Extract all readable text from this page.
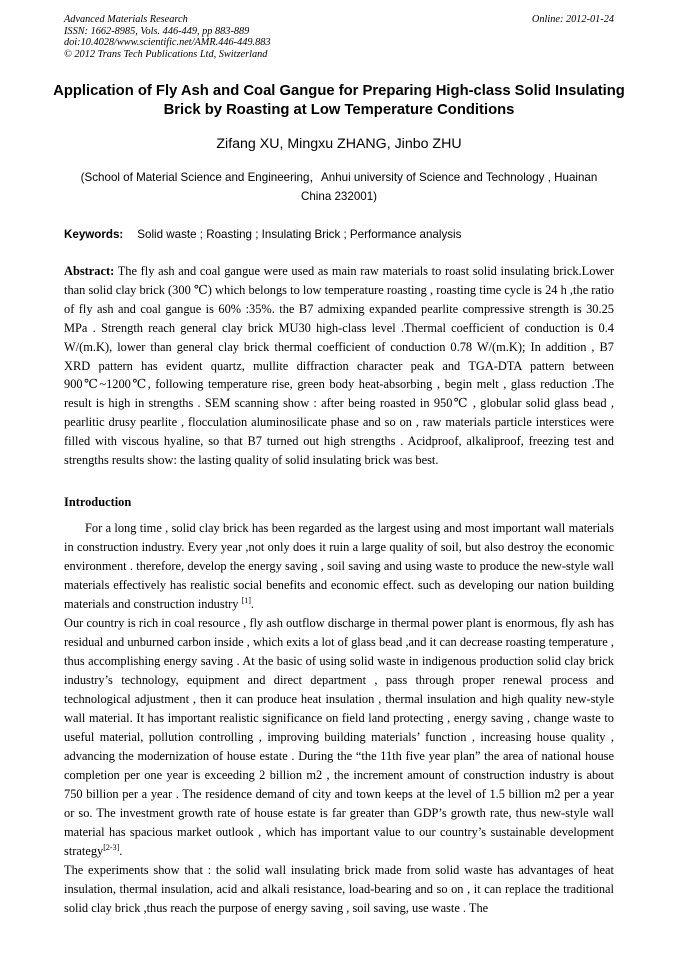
Advanced Materials Research
ISSN: 1662-8985, Vols. 446-449, pp 883-889
doi:10.4028/www.scientific.net/AMR.446-449.883
© 2012 Trans Tech Publications Ltd, Switzerland
Online: 2012-01-24
Application of Fly Ash and Coal Gangue for Preparing High-class Solid Insulating Brick by Roasting at Low Temperature Conditions
Zifang XU, Mingxu ZHANG, Jinbo ZHU
(School of Material Science and Engineering，Anhui university of Science and Technology , Huainan China 232001)
Keywords: Solid waste ; Roasting ; Insulating Brick ; Performance analysis

Abstract: The fly ash and coal gangue were used as main raw materials to roast solid insulating brick.Lower than solid clay brick (300 ℃) which belongs to low temperature roasting , roasting time cycle is 24 h ,the ratio of fly ash and coal gangue is 60% :35%. the B7 admixing expanded pearlite compressive strength is 30.25 MPa . Strength reach general clay brick MU30 high-class level .Thermal coefficient of conduction is 0.4 W/(m.K), lower than general clay brick thermal coefficient of conduction 0.78 W/(m.K); In addition , B7 XRD pattern has evident quartz, mullite diffraction character peak and TGA-DTA pattern between 900℃~1200℃, following temperature rise, green body heat-absorbing , begin melt , glass reduction .The result is high in strengths . SEM scanning show : after being roasted in 950℃ , globular solid glass bead , pearlitic drusy pearlite , flocculation aluminosilicate phase and so on , raw materials particle interstices were filled with viscous hyaline, so that B7 turned out high strengths . Acidproof, alkaliproof, freezing test and strengths results show: the lasting quality of solid insulating brick was best.

Introduction

For a long time , solid clay brick has been regarded as the largest using and most important wall materials in construction industry. Every year ,not only does it ruin a large quality of soil, but also destroy the economic environment . therefore, develop the energy saving , soil saving and using waste to produce the new-style wall materials effectively has realistic social benefits and economic effect. such as developing our nation building materials and construction industry [1].

Our country is rich in coal resource , fly ash outflow discharge in thermal power plant is enormous, fly ash has residual and unburned carbon inside , which exits a lot of glass bead ,and it can decrease roasting temperature , thus accomplishing energy saving . At the basic of using solid waste in indigenous production solid clay brick industry’s technology, equipment and direct department , pass through proper renewal process and technological adjustment , then it can produce heat insulation , thermal insulation and high quality new-style wall material. It has important realistic significance on field land protecting , energy saving , change waste to useful material, pollution controlling , improving building materials’ function , increasing house quality , advancing the modernization of house estate . During the “the 11th five year plan” the area of national house completion per one year is exceeding 2 billion m2 , the increment amount of construction industry is about 750 billion per a year . The residence demand of city and town keeps at the level of 1.5 billion m2 per a year or so. The investment growth rate of house estate is far greater than GDP’s growth rate, thus new-style wall material has spacious market outlook , which has important value to our country’s sustainable development strategy[2-3].

The experiments show that : the solid wall insulating brick made from solid waste has advantages of heat insulation, thermal insulation, acid and alkali resistance, load-bearing and so on , it can replace the traditional solid clay brick ,thus reach the purpose of energy saving , soil saving, use waste . The
